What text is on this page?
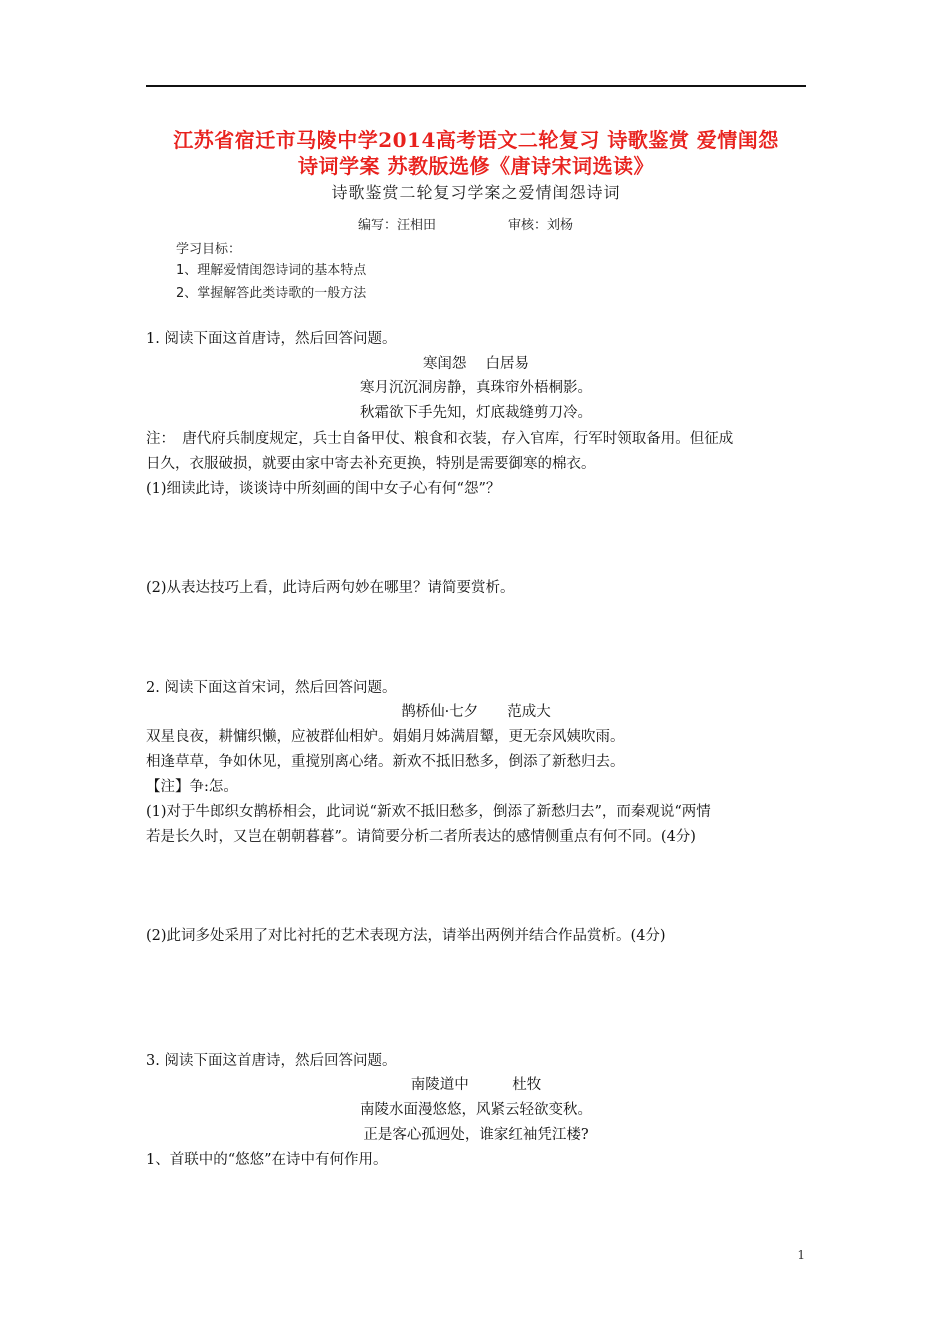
江苏省宿迁市马陵中学2014高考语文二轮复习 诗歌鉴赏 爱情闺怨
诗词学案 苏教版选修《唐诗宋词选读》
诗歌鉴赏二轮复习学案之爱情闺怨诗词
编写：汪相田	审核：刘杨
学习目标：
1、理解爱情闺怨诗词的基本特点
2、掌握解答此类诗歌的一般方法
1. 阅读下面这首唐诗，然后回答问题。
寒闺怨　 白居易
寒月沉沉洞房静，真珠帘外梧桐影。
秋霜欲下手先知，灯底裁缝剪刀冷。
注：　唐代府兵制度规定，兵士自备甲仗、粮食和衣装，存入官库，行军时领取备用。但征成
日久，衣服破损，就要由家中寄去补充更换，特别是需要御寒的棉衣。
(1)细读此诗，谈谈诗中所刻画的闺中女子心有何“怨”？
(2)从表达技巧上看，此诗后两句妙在哪里？请简要赏析。
2. 阅读下面这首宋词，然后回答问题。
鹊桥仙·七夕　　范成大
双星良夜，耕慵织懒，应被群仙相妒。娟娟月姊满眉颦，更无奈风姨吹雨。
相逢草草，争如休见，重搅别离心绪。新欢不抵旧愁多，倒添了新愁归去。
【注】争:怎。
(1)对于牛郎织女鹊桥相会，此词说“新欢不抵旧愁多，倒添了新愁归去”，而秦观说“两情
若是长久时，又岂在朝朝暮暮”。请简要分析二者所表达的感情侧重点有何不同。(4分)
(2)此词多处采用了对比衬托的艺术表现方法，请举出两例并结合作品赏析。(4分)
3. 阅读下面这首唐诗，然后回答问题。
南陵道中　　　杜牧
南陵水面漫悠悠，风紧云轻欲变秋。
正是客心孤迥处，谁家红袖凭江楼?
1、首联中的“悠悠”在诗中有何作用。
1
